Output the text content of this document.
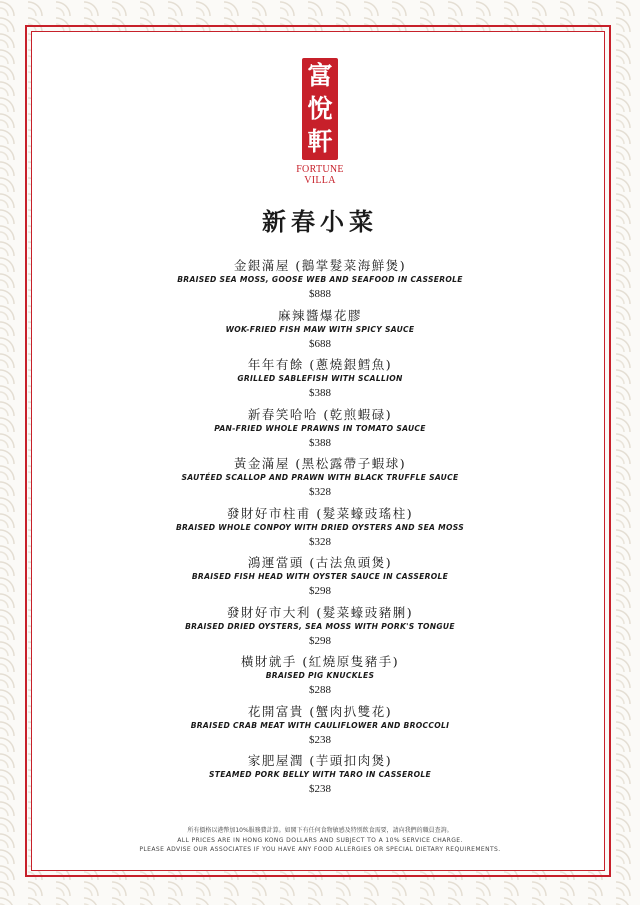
富
悅
軒
FORTUNE
VILLA
新春小菜
金銀滿屋 (鵝掌髮菜海鮮煲)
BRAISED SEA MOSS, GOOSE WEB AND SEAFOOD IN CASSEROLE
$888
麻辣醬爆花膠
WOK-FRIED FISH MAW WITH SPICY SAUCE
$688
年年有餘 (蔥燒銀鱈魚)
GRILLED SABLEFISH WITH SCALLION
$388
新春笑哈哈 (乾煎蝦碌)
PAN-FRIED WHOLE PRAWNS IN TOMATO SAUCE
$388
黃金滿屋 (黑松露帶子蝦球)
SAUTÉED SCALLOP AND PRAWN WITH BLACK TRUFFLE SAUCE
$328
發財好市柱甫 (髮菜蠔豉瑤柱)
BRAISED WHOLE CONPOY WITH DRIED OYSTERS AND SEA MOSS
$328
鴻運當頭 (古法魚頭煲)
BRAISED FISH HEAD WITH OYSTER SAUCE IN CASSEROLE
$298
發財好市大利 (髮菜蠔豉豬脷)
BRAISED DRIED OYSTERS, SEA MOSS WITH PORK'S TONGUE
$298
橫財就手 (紅燒原隻豬手)
BRAISED PIG KNUCKLES
$288
花開富貴 (蟹肉扒雙花)
BRAISED CRAB MEAT WITH CAULIFLOWER AND BROCCOLI
$238
家肥屋潤 (芋頭扣肉煲)
STEAMED PORK BELLY WITH TARO IN CASSEROLE
$238
所有價格以港幣加10%服務費計算。如閣下有任何食物敏感及特別飲食需要，請向我們的職員查詢。
ALL PRICES ARE IN HONG KONG DOLLARS AND SUBJECT TO A 10% SERVICE CHARGE.
PLEASE ADVISE OUR ASSOCIATES IF YOU HAVE ANY FOOD ALLERGIES OR SPECIAL DIETARY REQUIREMENTS.
